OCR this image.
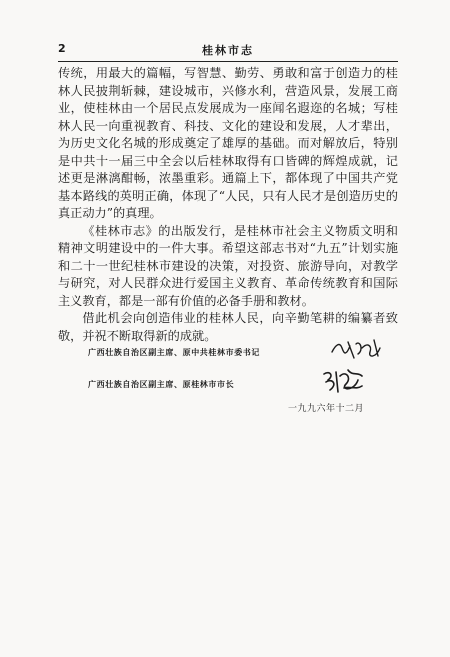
2	桂林市志

传统，用最大的篇幅，写智慧、勤劳、勇敢和富于创造力的桂林人民披荆斩棘，建设城市，兴修水利，营造风景，发展工商业，使桂林由一个居民点发展成为一座闻名遐迩的名城；写桂林人民一向重视教育、科技、文化的建设和发展，人才辈出，为历史文化名城的形成奠定了雄厚的基础。而对解放后，特别是中共十一届三中全会以后桂林取得有口皆碑的辉煌成就，记述更是淋漓酣畅，浓墨重彩。通篇上下，都体现了中国共产党基本路线的英明正确，体现了“人民，只有人民才是创造历史的真正动力”的真理。

《桂林市志》的出版发行，是桂林市社会主义物质文明和精神文明建设中的一件大事。希望这部志书对“九五”计划实施和二十一世纪桂林市建设的决策，对投资、旅游导向，对教学与研究，对人民群众进行爱国主义教育、革命传统教育和国际主义教育，都是一部有价值的必备手册和教材。

借此机会向创造伟业的桂林人民，向辛勤笔耕的编纂者致敬，并祝不断取得新的成就。

广西壮族自治区副主席、原中共桂林市委书记
广西壮族自治区副主席、原桂林市市长
一九九六年十二月
